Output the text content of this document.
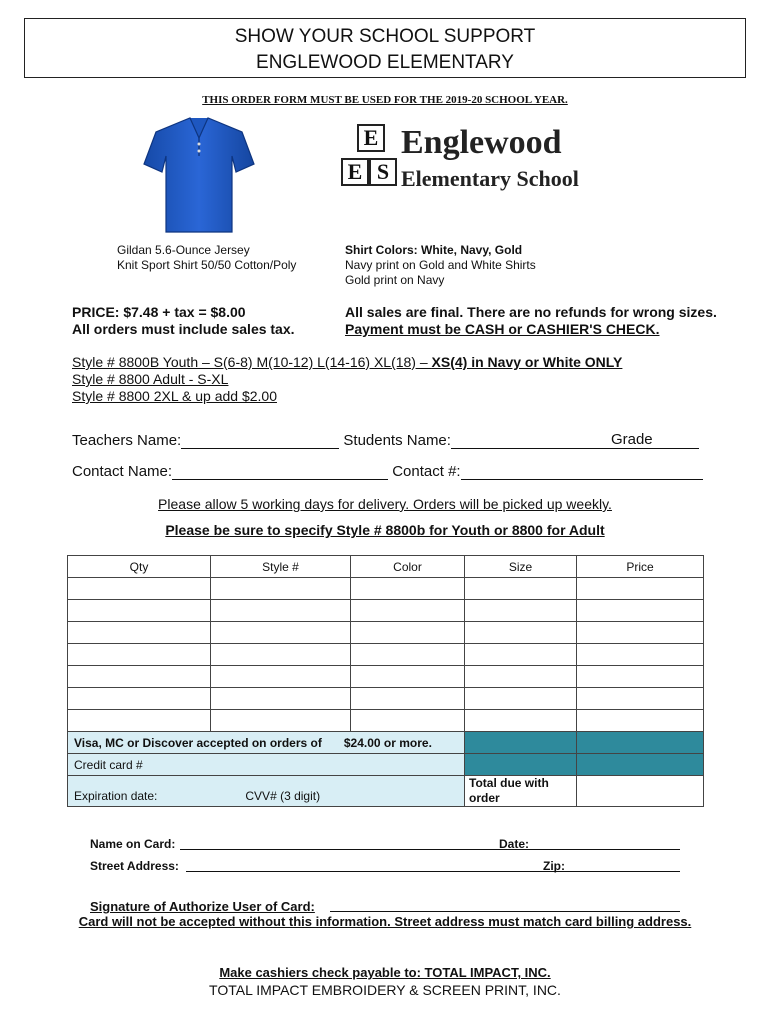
SHOW YOUR SCHOOL SUPPORT
ENGLEWOOD ELEMENTARY
THIS ORDER FORM MUST BE USED FOR THE 2019-20 SCHOOL YEAR.
E
E S
Englewood
Elementary School
Gildan 5.6-Ounce Jersey
Knit Sport Shirt 50/50 Cotton/Poly
Shirt Colors: White, Navy, Gold
Navy print on Gold and White Shirts
Gold print on Navy
PRICE: $7.48 + tax = $8.00
All orders must include sales tax.
All sales are final. There are no refunds for wrong sizes.
Payment must be CASH or CASHIER'S CHECK.
Style # 8800B Youth – S(6-8) M(10-12) L(14-16) XL(18) – XS(4) in Navy or White ONLY
Style # 8800 Adult - S-XL
Style # 8800 2XL & up add $2.00
Teachers Name:	Students Name:	Grade
Contact Name:	Contact #:
Please allow 5 working days for delivery. Orders will be picked up weekly.
Please be sure to specify Style # 8800b for Youth or 8800 for Adult
Qty	Style #	Color	Size	Price

Visa, MC or Discover accepted on orders of $24.00 or more.				
Credit card #				
Expiration date: CVV# (3 digit)			Total due with order	
Name on Card:	Date:
Street Address:	Zip:
Signature of Authorize User of Card:
Card will not be accepted without this information. Street address must match card billing address.
Make cashiers check payable to: TOTAL IMPACT, INC.
TOTAL IMPACT EMBROIDERY & SCREEN PRINT, INC.
